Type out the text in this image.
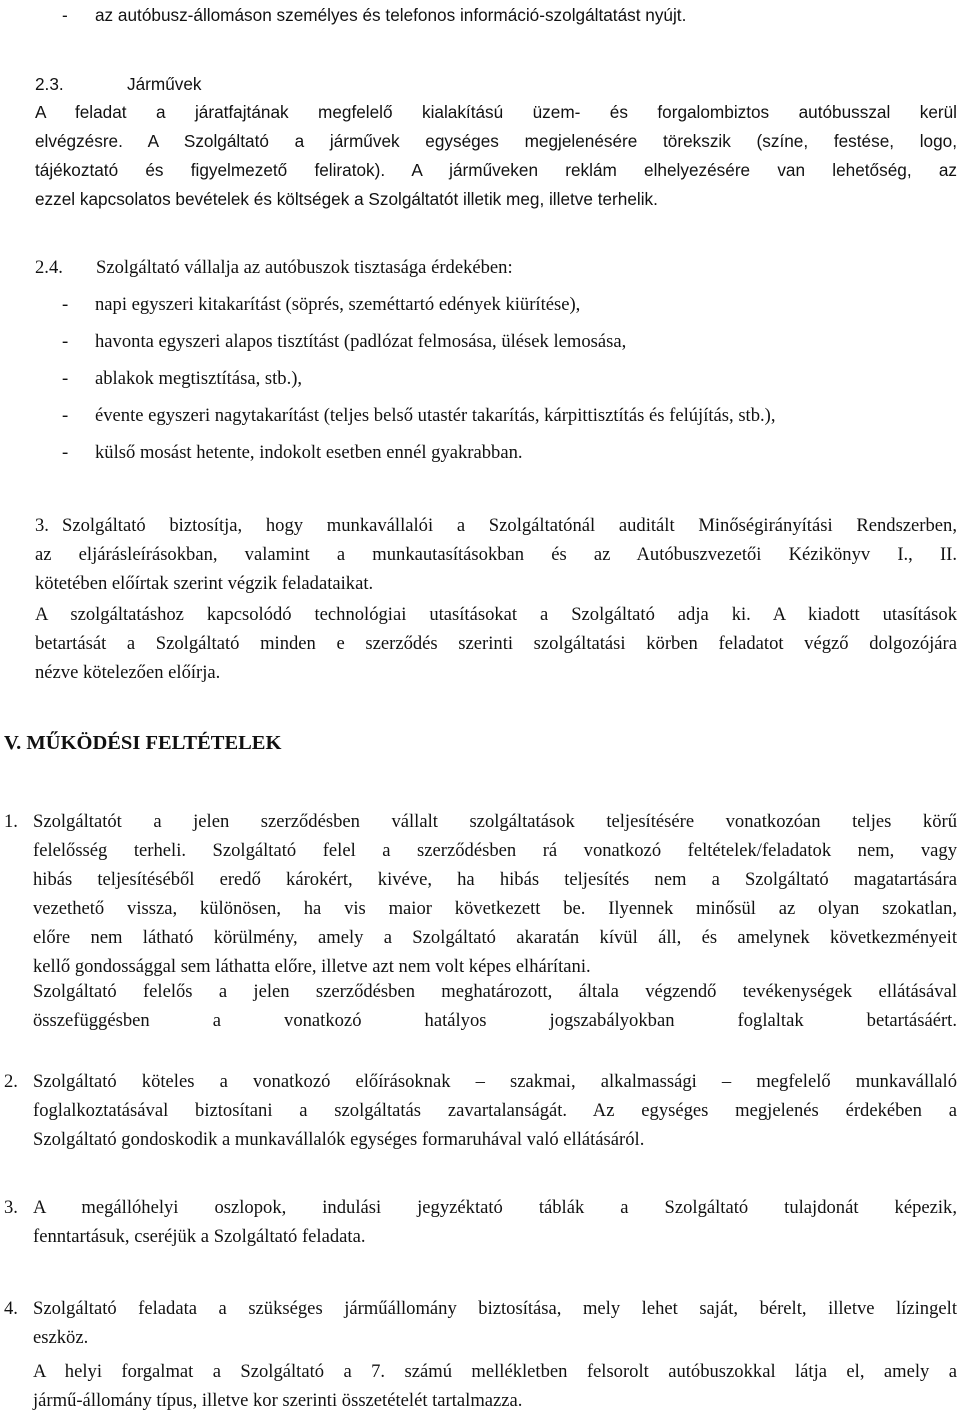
- az autóbusz-állomáson személyes és telefonos információ-szolgáltatást nyújt.
2.3.	Járművek
A feladat a járatfajtának megfelelő kialakítású üzem- és forgalombiztos autóbusszal kerül
elvégzésre. A Szolgáltató a járművek egységes megjelenésére törekszik (színe, festése, logo,
tájékoztató és figyelmezető feliratok). A járműveken reklám elhelyezésére van lehetőség, az
ezzel kapcsolatos bevételek és költségek a Szolgáltatót illetik meg, illetve terhelik.
2.4. Szolgáltató vállalja az autóbuszok tisztasága érdekében:
- napi egyszeri kitakarítást (söprés, szeméttartó edények kiürítése),
- havonta egyszeri alapos tisztítást (padlózat felmosása, ülések lemosása,
- ablakok megtisztítása, stb.),
- évente egyszeri nagytakarítást (teljes belső utastér takarítás, kárpittisztítás és felújítás, stb.),
- külső mosást hetente, indokolt esetben ennél gyakrabban.
3. Szolgáltató biztosítja, hogy munkavállalói a Szolgáltatónál auditált Minőségirányítási Rendszerben,
az eljárásleírásokban, valamint a munkautasításokban és az Autóbuszvezetői Kézikönyv I., II.
kötetében előírtak szerint végzik feladataikat.
A szolgáltatáshoz kapcsolódó technológiai utasításokat a Szolgáltató adja ki. A kiadott utasítások
betartását a Szolgáltató minden e szerződés szerinti szolgáltatási körben feladatot végző dolgozójára
nézve kötelezően előírja.
V. MŰKÖDÉSI FELTÉTELEK
1. Szolgáltatót a jelen szerződésben vállalt szolgáltatások teljesítésére vonatkozóan teljes körű
felelősség terheli. Szolgáltató felel a szerződésben rá vonatkozó feltételek/feladatok nem, vagy
hibás teljesítéséből eredő károkért, kivéve, ha hibás teljesítés nem a Szolgáltató magatartására
vezethető vissza, különösen, ha vis maior következett be. Ilyennek minősül az olyan szokatlan,
előre nem látható körülmény, amely a Szolgáltató akaratán kívül áll, és amelynek következményeit
kellő gondossággal sem láthatta előre, illetve azt nem volt képes elhárítani.
Szolgáltató felelős a jelen szerződésben meghatározott, általa végzendő tevékenységek ellátásával
összefüggésben a vonatkozó hatályos jogszabályokban foglaltak betartásáért.
2. Szolgáltató köteles a vonatkozó előírásoknak – szakmai, alkalmassági – megfelelő munkavállaló
foglalkoztatásával biztosítani a szolgáltatás zavartalanságát. Az egységes megjelenés érdekében a
Szolgáltató gondoskodik a munkavállalók egységes formaruhával való ellátásáról.
3. A megállóhelyi oszlopok, indulási jegyzéktató táblák a Szolgáltató tulajdonát képezik,
fenntartásuk, cseréjük a Szolgáltató feladata.
4. Szolgáltató feladata a szükséges járműállomány biztosítása, mely lehet saját, bérelt, illetve lízingelt
eszköz.
A helyi forgalmat a Szolgáltató a 7. számú mellékletben felsorolt autóbuszokkal látja el, amely a
jármű-állomány típus, illetve kor szerinti összetételét tartalmazza.
